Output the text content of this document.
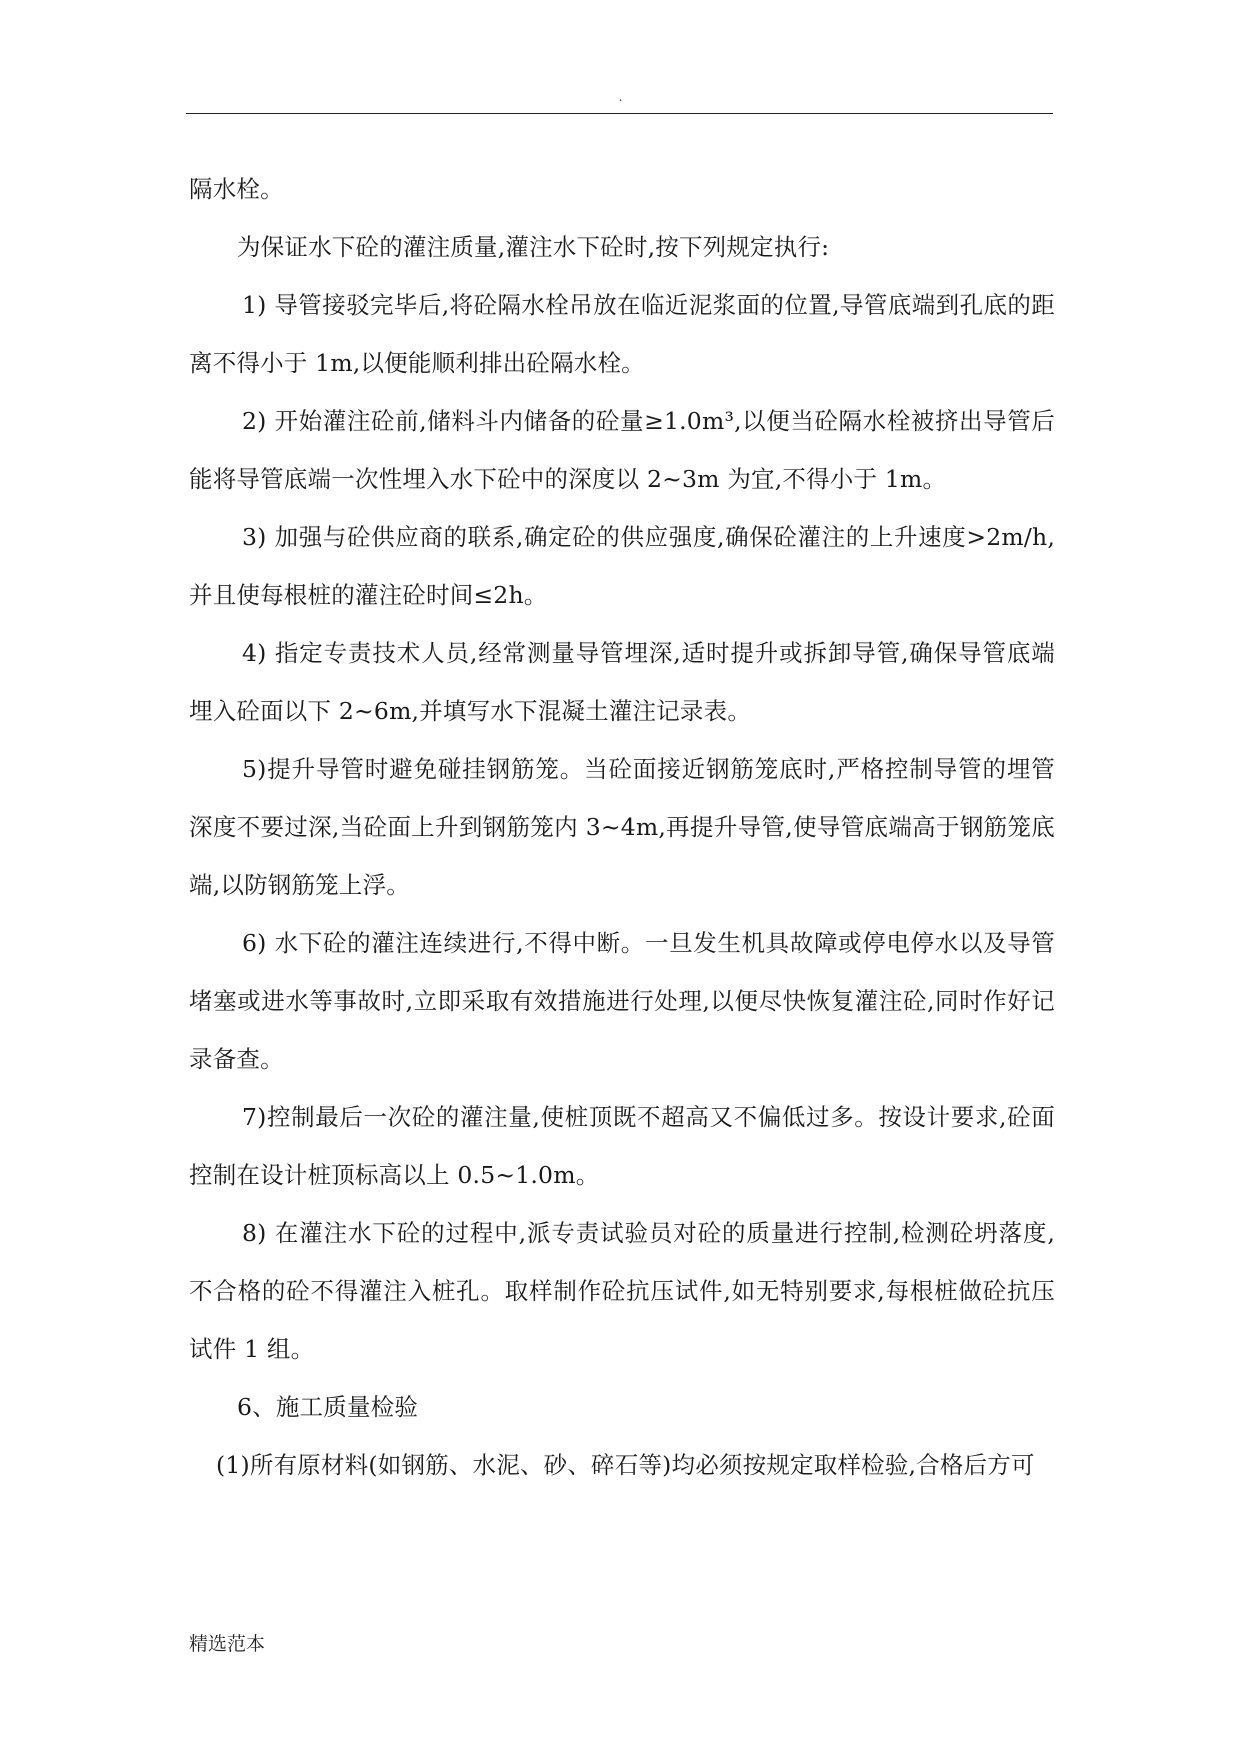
.

隔水栓。

为保证水下砼的灌注质量,灌注水下砼时,按下列规定执行:

1) 导管接驳完毕后,将砼隔水栓吊放在临近泥浆面的位置,导管底端到孔底的距离不得小于 1m,以便能顺利排出砼隔水栓。

2) 开始灌注砼前,储料斗内储备的砼量≥1.0m³,以便当砼隔水栓被挤出导管后能将导管底端一次性埋入水下砼中的深度以 2~3m 为宜,不得小于 1m。

3) 加强与砼供应商的联系,确定砼的供应强度,确保砼灌注的上升速度>2m/h,并且使每根桩的灌注砼时间≤2h。

4) 指定专责技术人员,经常测量导管埋深,适时提升或拆卸导管,确保导管底端埋入砼面以下 2~6m,并填写水下混凝土灌注记录表。

5)提升导管时避免碰挂钢筋笼。当砼面接近钢筋笼底时,严格控制导管的埋管深度不要过深,当砼面上升到钢筋笼内 3~4m,再提升导管,使导管底端高于钢筋笼底端,以防钢筋笼上浮。

6) 水下砼的灌注连续进行,不得中断。一旦发生机具故障或停电停水以及导管堵塞或进水等事故时,立即采取有效措施进行处理,以便尽快恢复灌注砼,同时作好记录备查。

7)控制最后一次砼的灌注量,使桩顶既不超高又不偏低过多。按设计要求,砼面控制在设计桩顶标高以上 0.5~1.0m。

8) 在灌注水下砼的过程中,派专责试验员对砼的质量进行控制,检测砼坍落度,不合格的砼不得灌注入桩孔。取样制作砼抗压试件,如无特别要求,每根桩做砼抗压试件 1 组。

6、施工质量检验

(1)所有原材料(如钢筋、水泥、砂、碎石等)均必须按规定取样检验,合格后方可

精选范本
